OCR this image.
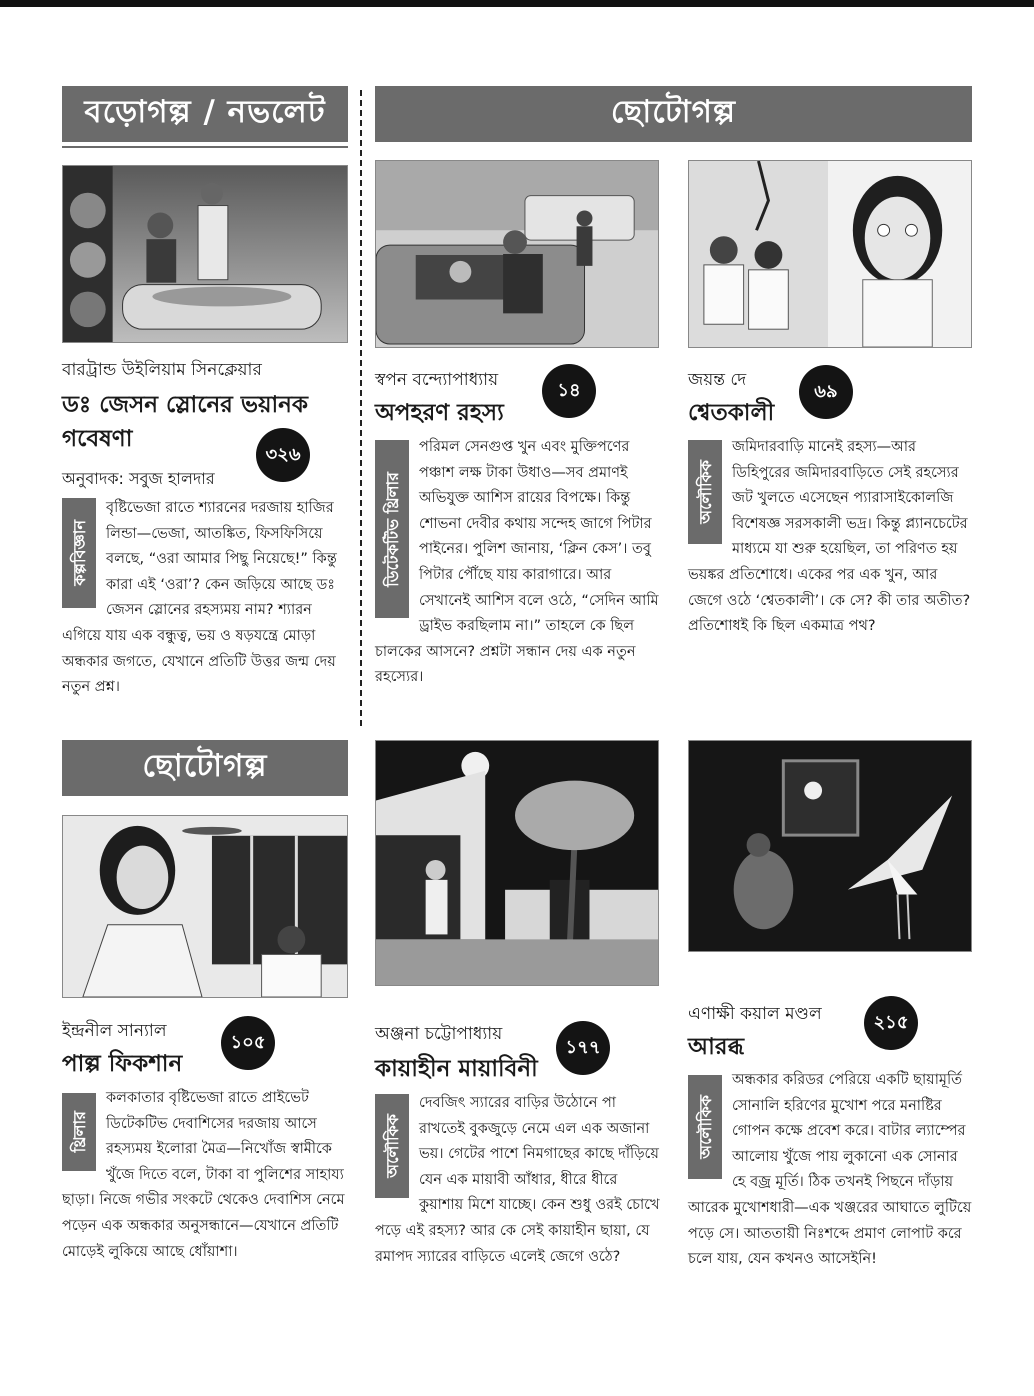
বড়োগল্প / নভলেট	ছোটোগল্প
ছোটোগল্প
বারট্রান্ড উইলিয়াম সিনক্লেয়ার
ডঃ জেসন স্লোনের ভয়ানক গবেষণা
৩২৬
অনুবাদক: সবুজ হালদার
কল্পবিজ্ঞান
বৃষ্টিভেজা রাতে শ্যারনের দরজায় হাজির লিন্ডা—ভেজা, আতঙ্কিত, ফিসফিসিয়ে বলছে, “ওরা আমার পিছু নিয়েছে!” কিন্তু কারা এই ‘ওরা’? কেন জড়িয়ে আছে ডঃ জেসন স্লোনের রহস্যময় নাম? শ্যারন এগিয়ে যায় এক বন্ধুত্ব, ভয় ও ষড়যন্ত্রে মোড়া অন্ধকার জগতে, যেখানে প্রতিটি উত্তর জন্ম দেয় নতুন প্রশ্ন।
স্বপন বন্দ্যোপাধ্যায়	১৪
অপহরণ রহস্য
ডিটেকটিভ থ্রিলার
পরিমল সেনগুপ্ত খুন এবং মুক্তিপণের পঞ্চাশ লক্ষ টাকা উধাও—সব প্রমাণই অভিযুক্ত আশিস রায়ের বিপক্ষে। কিন্তু শোভনা দেবীর কথায় সন্দেহ জাগে পিটার পাইনের। পুলিশ জানায়, ‘ক্লিন কেস’। তবু পিটার পৌঁছে যায় কারাগারে। আর সেখানেই আশিস বলে ওঠে, “সেদিন আমি ড্রাইভ করছিলাম না।” তাহলে কে ছিল চালকের আসনে? প্রশ্নটা সন্ধান দেয় এক নতুন রহস্যের।
জয়ন্ত দে
৬৯
শ্বেতকালী
অলৌকিক
জমিদারবাড়ি মানেই রহস্য—আর ডিহিপুরের জমিদারবাড়িতে সেই রহস্যের জট খুলতে এসেছেন প্যারাসাইকোলজি বিশেষজ্ঞ সরসকালী ভদ্র। কিন্তু প্ল্যানচেটের মাধ্যমে যা শুরু হয়েছিল, তা পরিণত হয় ভয়ঙ্কর প্রতিশোধে। একের পর এক খুন, আর জেগে ওঠে ‘শ্বেতকালী’। কে সে? কী তার অতীত? প্রতিশোধই কি ছিল একমাত্র পথ?
ইন্দ্রনীল সান্যাল
১০৫
পাল্প ফিকশান
থ্রিলার
কলকাতার বৃষ্টিভেজা রাতে প্রাইভেট ডিটেকটিভ দেবাশিসের দরজায় আসে রহস্যময় ইলোরা মৈত্র—নিখোঁজ স্বামীকে খুঁজে দিতে বলে, টাকা বা পুলিশের সাহায্য ছাড়া। নিজে গভীর সংকটে থেকেও দেবাশিস নেমে পড়েন এক অন্ধকার অনুসন্ধানে—যেখানে প্রতিটি মোড়েই লুকিয়ে আছে ধোঁয়াশা।
অঞ্জনা চট্টোপাধ্যায়
১৭৭
কায়াহীন মায়াবিনী
অলৌকিক
দেবজিৎ স্যারের বাড়ির উঠোনে পা রাখতেই বুকজুড়ে নেমে এল এক অজানা ভয়। গেটের পাশে নিমগাছের কাছে দাঁড়িয়ে যেন এক মায়াবী আঁধার, ধীরে ধীরে কুয়াশায় মিশে যাচ্ছে। কেন শুধু ওরই চোখে পড়ে এই রহস্য? আর কে সেই কায়াহীন ছায়া, যে রমাপদ স্যারের বাড়িতে এলেই জেগে ওঠে?
এণাক্ষী কয়াল মণ্ডল	২১৫
আরব্ধ
অলৌকিক
অন্ধকার করিডর পেরিয়ে একটি ছায়ামূর্তি সোনালি হরিণের মুখোশ পরে মনাষ্টির গোপন কক্ষে প্রবেশ করে। বাটার ল্যাম্পের আলোয় খুঁজে পায় লুকানো এক সোনার হে বজ্র মূর্তি। ঠিক তখনই পিছনে দাঁড়ায় আরেক মুখোশধারী—এক খঞ্জরের আঘাতে লুটিয়ে পড়ে সে। আততায়ী নিঃশব্দে প্রমাণ লোপাট করে চলে যায়, যেন কখনও আসেইনি!
